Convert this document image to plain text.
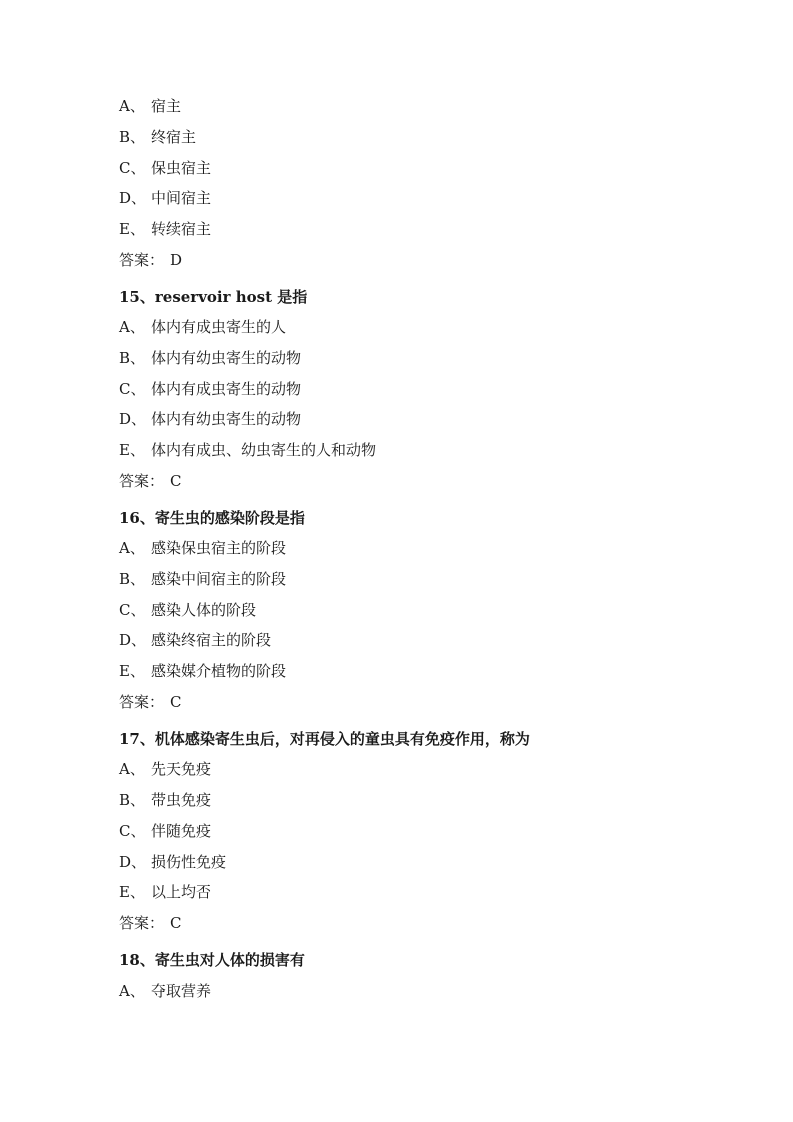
A、 宿主
B、 终宿主
C、 保虫宿主
D、 中间宿主
E、 转续宿主
答案： D
15、reservoir host 是指
A、 体内有成虫寄生的人
B、 体内有幼虫寄生的动物
C、 体内有成虫寄生的动物
D、 体内有幼虫寄生的动物
E、 体内有成虫、幼虫寄生的人和动物
答案： C
16、寄生虫的感染阶段是指
A、 感染保虫宿主的阶段
B、 感染中间宿主的阶段
C、 感染人体的阶段
D、 感染终宿主的阶段
E、 感染媒介植物的阶段
答案： C
17、机体感染寄生虫后，对再侵入的童虫具有免疫作用，称为
A、 先天免疫
B、 带虫免疫
C、 伴随免疫
D、 损伤性免疫
E、 以上均否
答案： C
18、寄生虫对人体的损害有
A、 夺取营养
